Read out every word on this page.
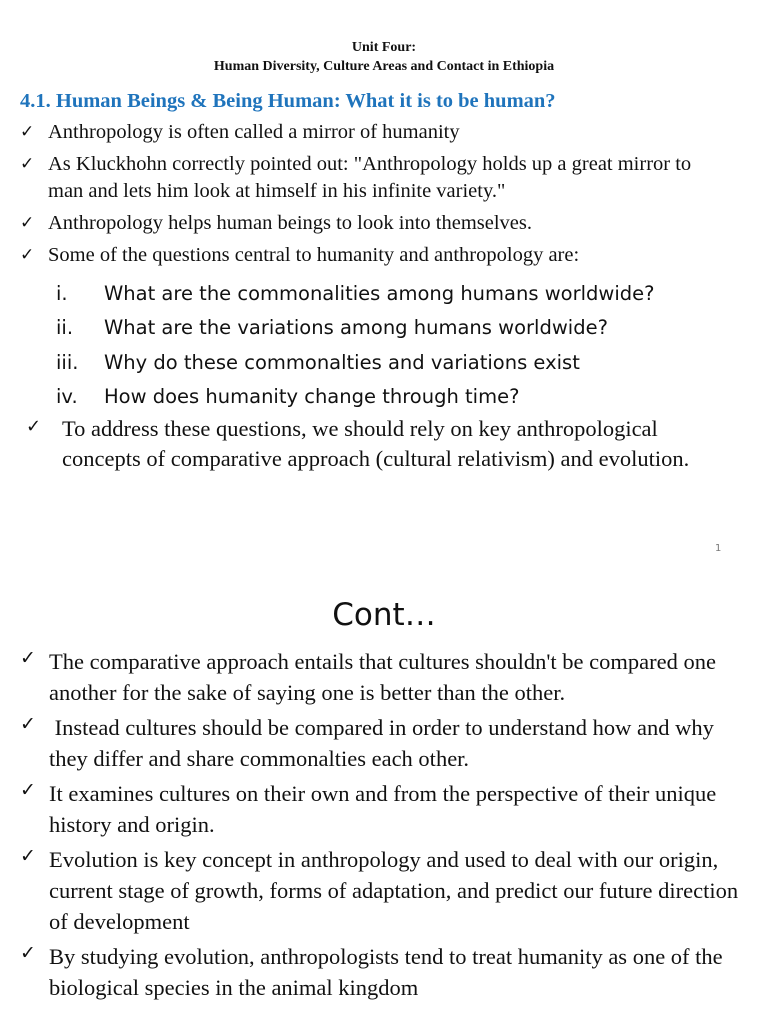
Unit Four:
Human Diversity, Culture Areas and Contact in Ethiopia
4.1. Human Beings & Being Human: What it is to be human?
✓ Anthropology is often called a mirror of humanity
✓ As Kluckhohn correctly pointed out: "Anthropology holds up a great mirror to man and lets him look at himself in his infinite variety."
✓ Anthropology helps human beings to look into themselves.
✓ Some of the questions central to humanity and anthropology are:
i.	What are the commonalities among humans worldwide?
ii.	What are the variations among humans worldwide?
iii.	Why do these commonalties and variations exist
iv.	How does humanity change through time?
✓ To address these questions, we should rely on key anthropological concepts of comparative approach (cultural relativism) and evolution.
1
Cont…
✓ The comparative approach entails that cultures shouldn't be compared one another for the sake of saying one is better than the other.
✓ Instead cultures should be compared in order to understand how and why they differ and share commonalties each other.
✓ It examines cultures on their own and from the perspective of their unique history and origin.
✓ Evolution is key concept in anthropology and used to deal with our origin, current stage of growth, forms of adaptation, and predict our future direction of development
✓ By studying evolution, anthropologists tend to treat humanity as one of the biological species in the animal kingdom
